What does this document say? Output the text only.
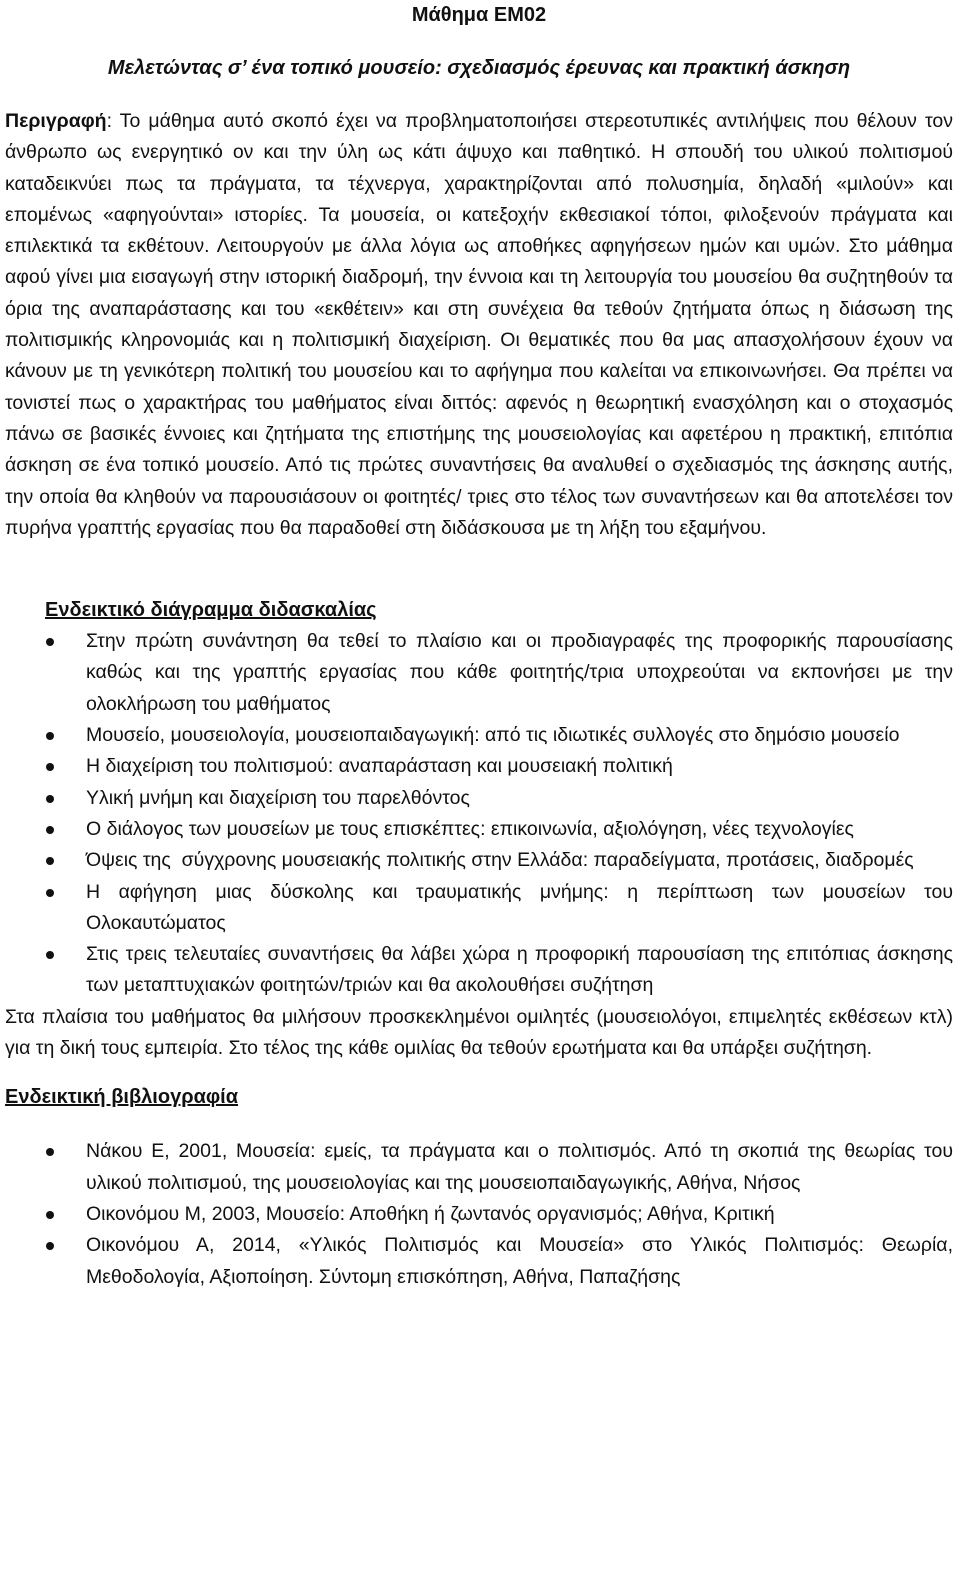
Μάθημα ΕΜ02
Μελετώντας σ’ ένα τοπικό μουσείο: σχεδιασμός έρευνας και πρακτική άσκηση

Περιγραφή: Το μάθημα αυτό σκοπό έχει να προβληματοποιήσει στερεοτυπικές αντιλήψεις που θέλουν τον άνθρωπο ως ενεργητικό ον και την ύλη ως κάτι άψυχο και παθητικό. Η σπουδή του υλικού πολιτισμού καταδεικνύει πως τα πράγματα, τα τέχνεργα, χαρακτηρίζονται από πολυσημία, δηλαδή «μιλούν» και επομένως «αφηγούνται» ιστορίες. Τα μουσεία, οι κατεξοχήν εκθεσιακοί τόποι, φιλοξενούν πράγματα και επιλεκτικά τα εκθέτουν. Λειτουργούν με άλλα λόγια ως αποθήκες αφηγήσεων ημών και υμών. Στο μάθημα αφού γίνει μια εισαγωγή στην ιστορική διαδρομή, την έννοια και τη λειτουργία του μουσείου θα συζητηθούν τα όρια της αναπαράστασης και του «εκθέτειν» και στη συνέχεια θα τεθούν ζητήματα όπως η διάσωση της πολιτισμικής κληρονομιάς και η πολιτισμική διαχείριση. Οι θεματικές που θα μας απασχολήσουν έχουν να κάνουν με τη γενικότερη πολιτική του μουσείου και το αφήγημα που καλείται να επικοινωνήσει. Θα πρέπει να τονιστεί πως ο χαρακτήρας του μαθήματος είναι διττός: αφενός η θεωρητική ενασχόληση και ο στοχασμός πάνω σε βασικές έννοιες και ζητήματα της επιστήμης της μουσειολογίας και αφετέρου η πρακτική, επιτόπια άσκηση σε ένα τοπικό μουσείο. Από τις πρώτες συναντήσεις θα αναλυθεί ο σχεδιασμός της άσκησης αυτής, την οποία θα κληθούν να παρουσιάσουν οι φοιτητές/ τριες στο τέλος των συναντήσεων και θα αποτελέσει τον πυρήνα γραπτής εργασίας που θα παραδοθεί στη διδάσκουσα με τη λήξη του εξαμήνου.

Ενδεικτικό διάγραμμα διδασκαλίας
Στην πρώτη συνάντηση θα τεθεί το πλαίσιο και οι προδιαγραφές της προφορικής παρουσίασης καθώς και της γραπτής εργασίας που κάθε φοιτητής/τρια υποχρεούται να εκπονήσει με την ολοκλήρωση του μαθήματος
Μουσείο, μουσειολογία, μουσειοπαιδαγωγική: από τις ιδιωτικές συλλογές στο δημόσιο μουσείο
Η διαχείριση του πολιτισμού: αναπαράσταση και μουσειακή πολιτική
Υλική μνήμη και διαχείριση του παρελθόντος
Ο διάλογος των μουσείων με τους επισκέπτες: επικοινωνία, αξιολόγηση, νέες τεχνολογίες
Όψεις της  σύγχρονης μουσειακής πολιτικής στην Ελλάδα: παραδείγματα, προτάσεις, διαδρομές
Η αφήγηση μιας δύσκολης και τραυματικής μνήμης: η περίπτωση των μουσείων του Ολοκαυτώματος
Στις τρεις τελευταίες συναντήσεις θα λάβει χώρα η προφορική παρουσίαση της επιτόπιας άσκησης των μεταπτυχιακών φοιτητών/τριών και θα ακολουθήσει συζήτηση

Στα πλαίσια του μαθήματος θα μιλήσουν προσκεκλημένοι ομιλητές (μουσειολόγοι, επιμελητές εκθέσεων κτλ) για τη δική τους εμπειρία. Στο τέλος της κάθε ομιλίας θα τεθούν ερωτήματα και θα υπάρξει συζήτηση.

Ενδεικτική βιβλιογραφία
Νάκου Ε, 2001, Μουσεία: εμείς, τα πράγματα και ο πολιτισμός. Από τη σκοπιά της θεωρίας του υλικού πολιτισμού, της μουσειολογίας και της μουσειοπαιδαγωγικής, Αθήνα, Νήσος
Οικονόμου Μ, 2003, Μουσείο: Αποθήκη ή ζωντανός οργανισμός; Αθήνα, Κριτική
Οικονόμου Α, 2014, «Υλικός Πολιτισμός και Μουσεία» στο Υλικός Πολιτισμός: Θεωρία, Μεθοδολογία, Αξιοποίηση. Σύντομη επισκόπηση, Αθήνα, Παπαζήσης
